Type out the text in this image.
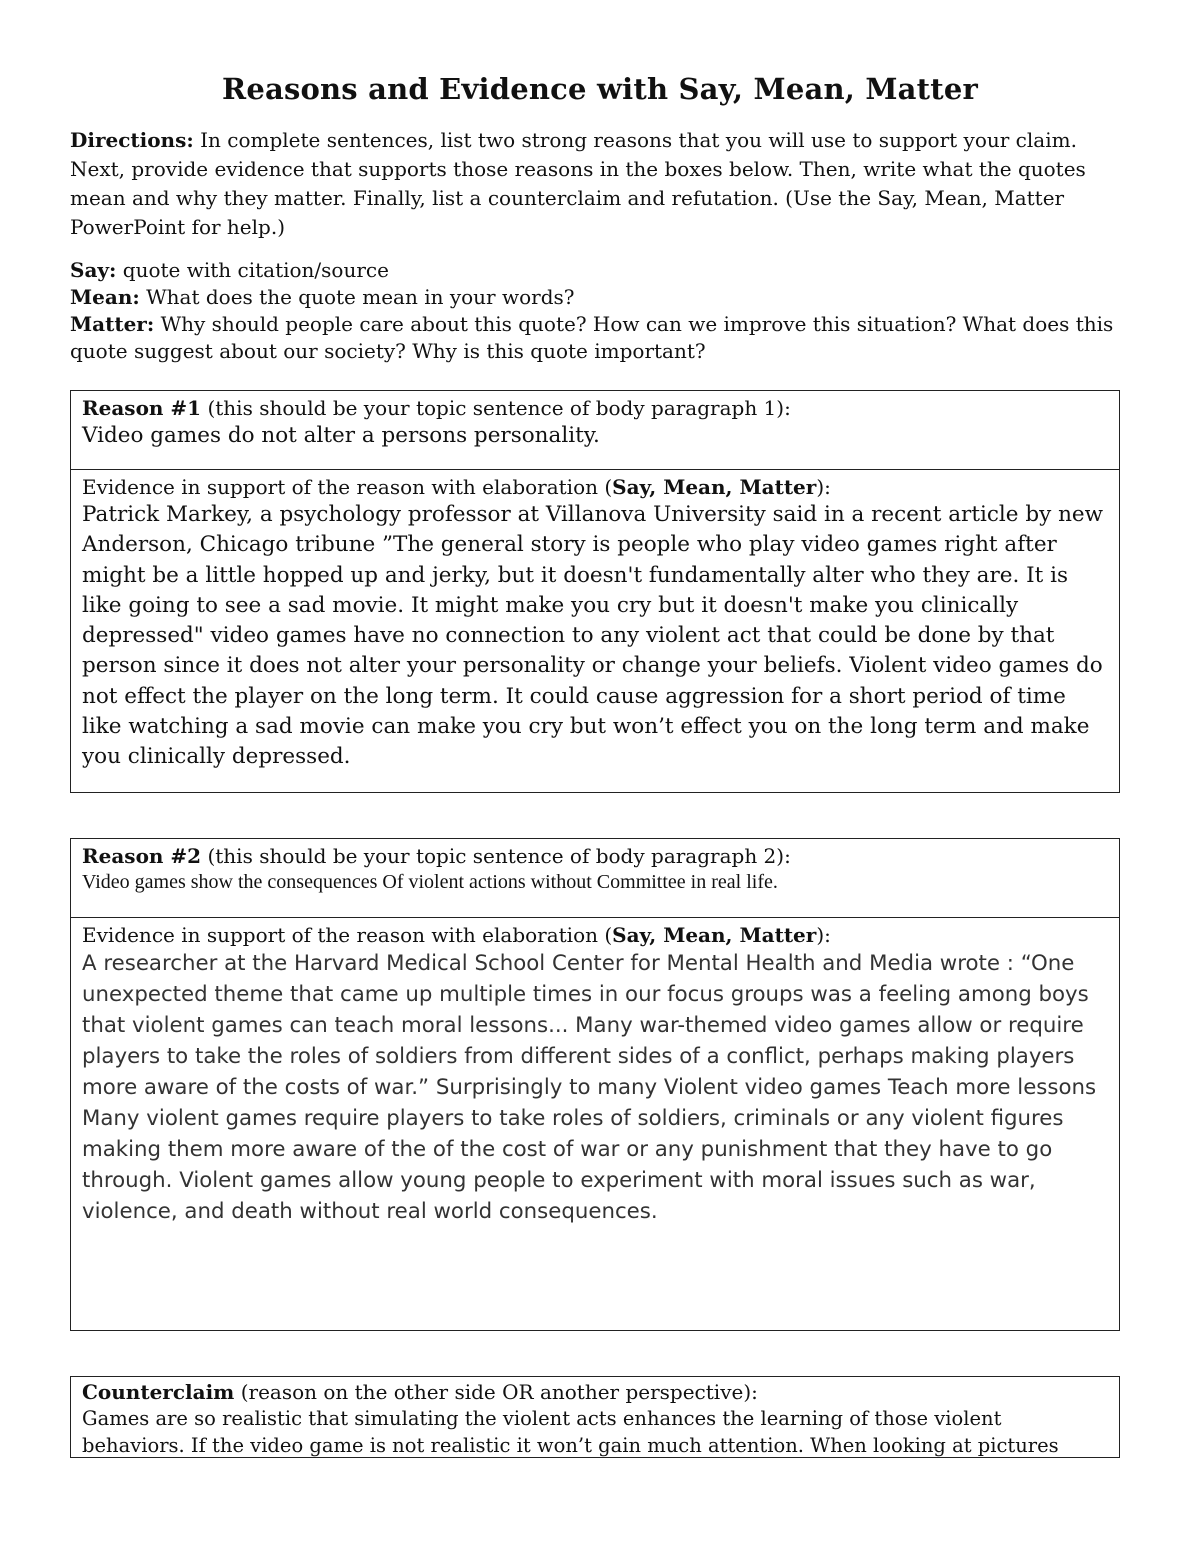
Reasons and Evidence with Say, Mean, Matter
Directions: In complete sentences, list two strong reasons that you will use to support your claim. Next, provide evidence that supports those reasons in the boxes below. Then, write what the quotes mean and why they matter. Finally, list a counterclaim and refutation. (Use the Say, Mean, Matter PowerPoint for help.)
Say: quote with citation/source
Mean: What does the quote mean in your words?
Matter: Why should people care about this quote? How can we improve this situation? What does this quote suggest about our society? Why is this quote important?
Reason #1 (this should be your topic sentence of body paragraph 1):
Video games do not alter a persons personality.
Evidence in support of the reason with elaboration (Say, Mean, Matter):
Patrick Markey, a psychology professor at Villanova University said in a recent article by new Anderson, Chicago tribune ”The general story is people who play video games right after might be a little hopped up and jerky, but it doesn't fundamentally alter who they are. It is like going to see a sad movie. It might make you cry but it doesn't make you clinically depressed" video games have no connection to any violent act that could be done by that person since it does not alter your personality or change your beliefs. Violent video games do not effect the player on the long term. It could cause aggression for a short period of time like watching a sad movie can make you cry but won’t effect you on the long term and make you clinically depressed.
Reason #2 (this should be your topic sentence of body paragraph 2):
Video games show the consequences Of violent actions without Committee in real life.
Evidence in support of the reason with elaboration (Say, Mean, Matter):
A researcher at the Harvard Medical School Center for Mental Health and Media wrote : “One unexpected theme that came up multiple times in our focus groups was a feeling among boys that violent games can teach moral lessons... Many war-themed video games allow or require players to take the roles of soldiers from different sides of a conflict, perhaps making players more aware of the costs of war.” Surprisingly to many Violent video games Teach more lessons Many violent games require players to take roles of soldiers, criminals or any violent figures making them more aware of the of the cost of war or any punishment that they have to go through. Violent games allow young people to experiment with moral issues such as war, violence, and death without real world consequences.
Counterclaim (reason on the other side OR another perspective):
Games are so realistic that simulating the violent acts enhances the learning of those violent behaviors. If the video game is not realistic it won’t gain much attention. When looking at pictures
